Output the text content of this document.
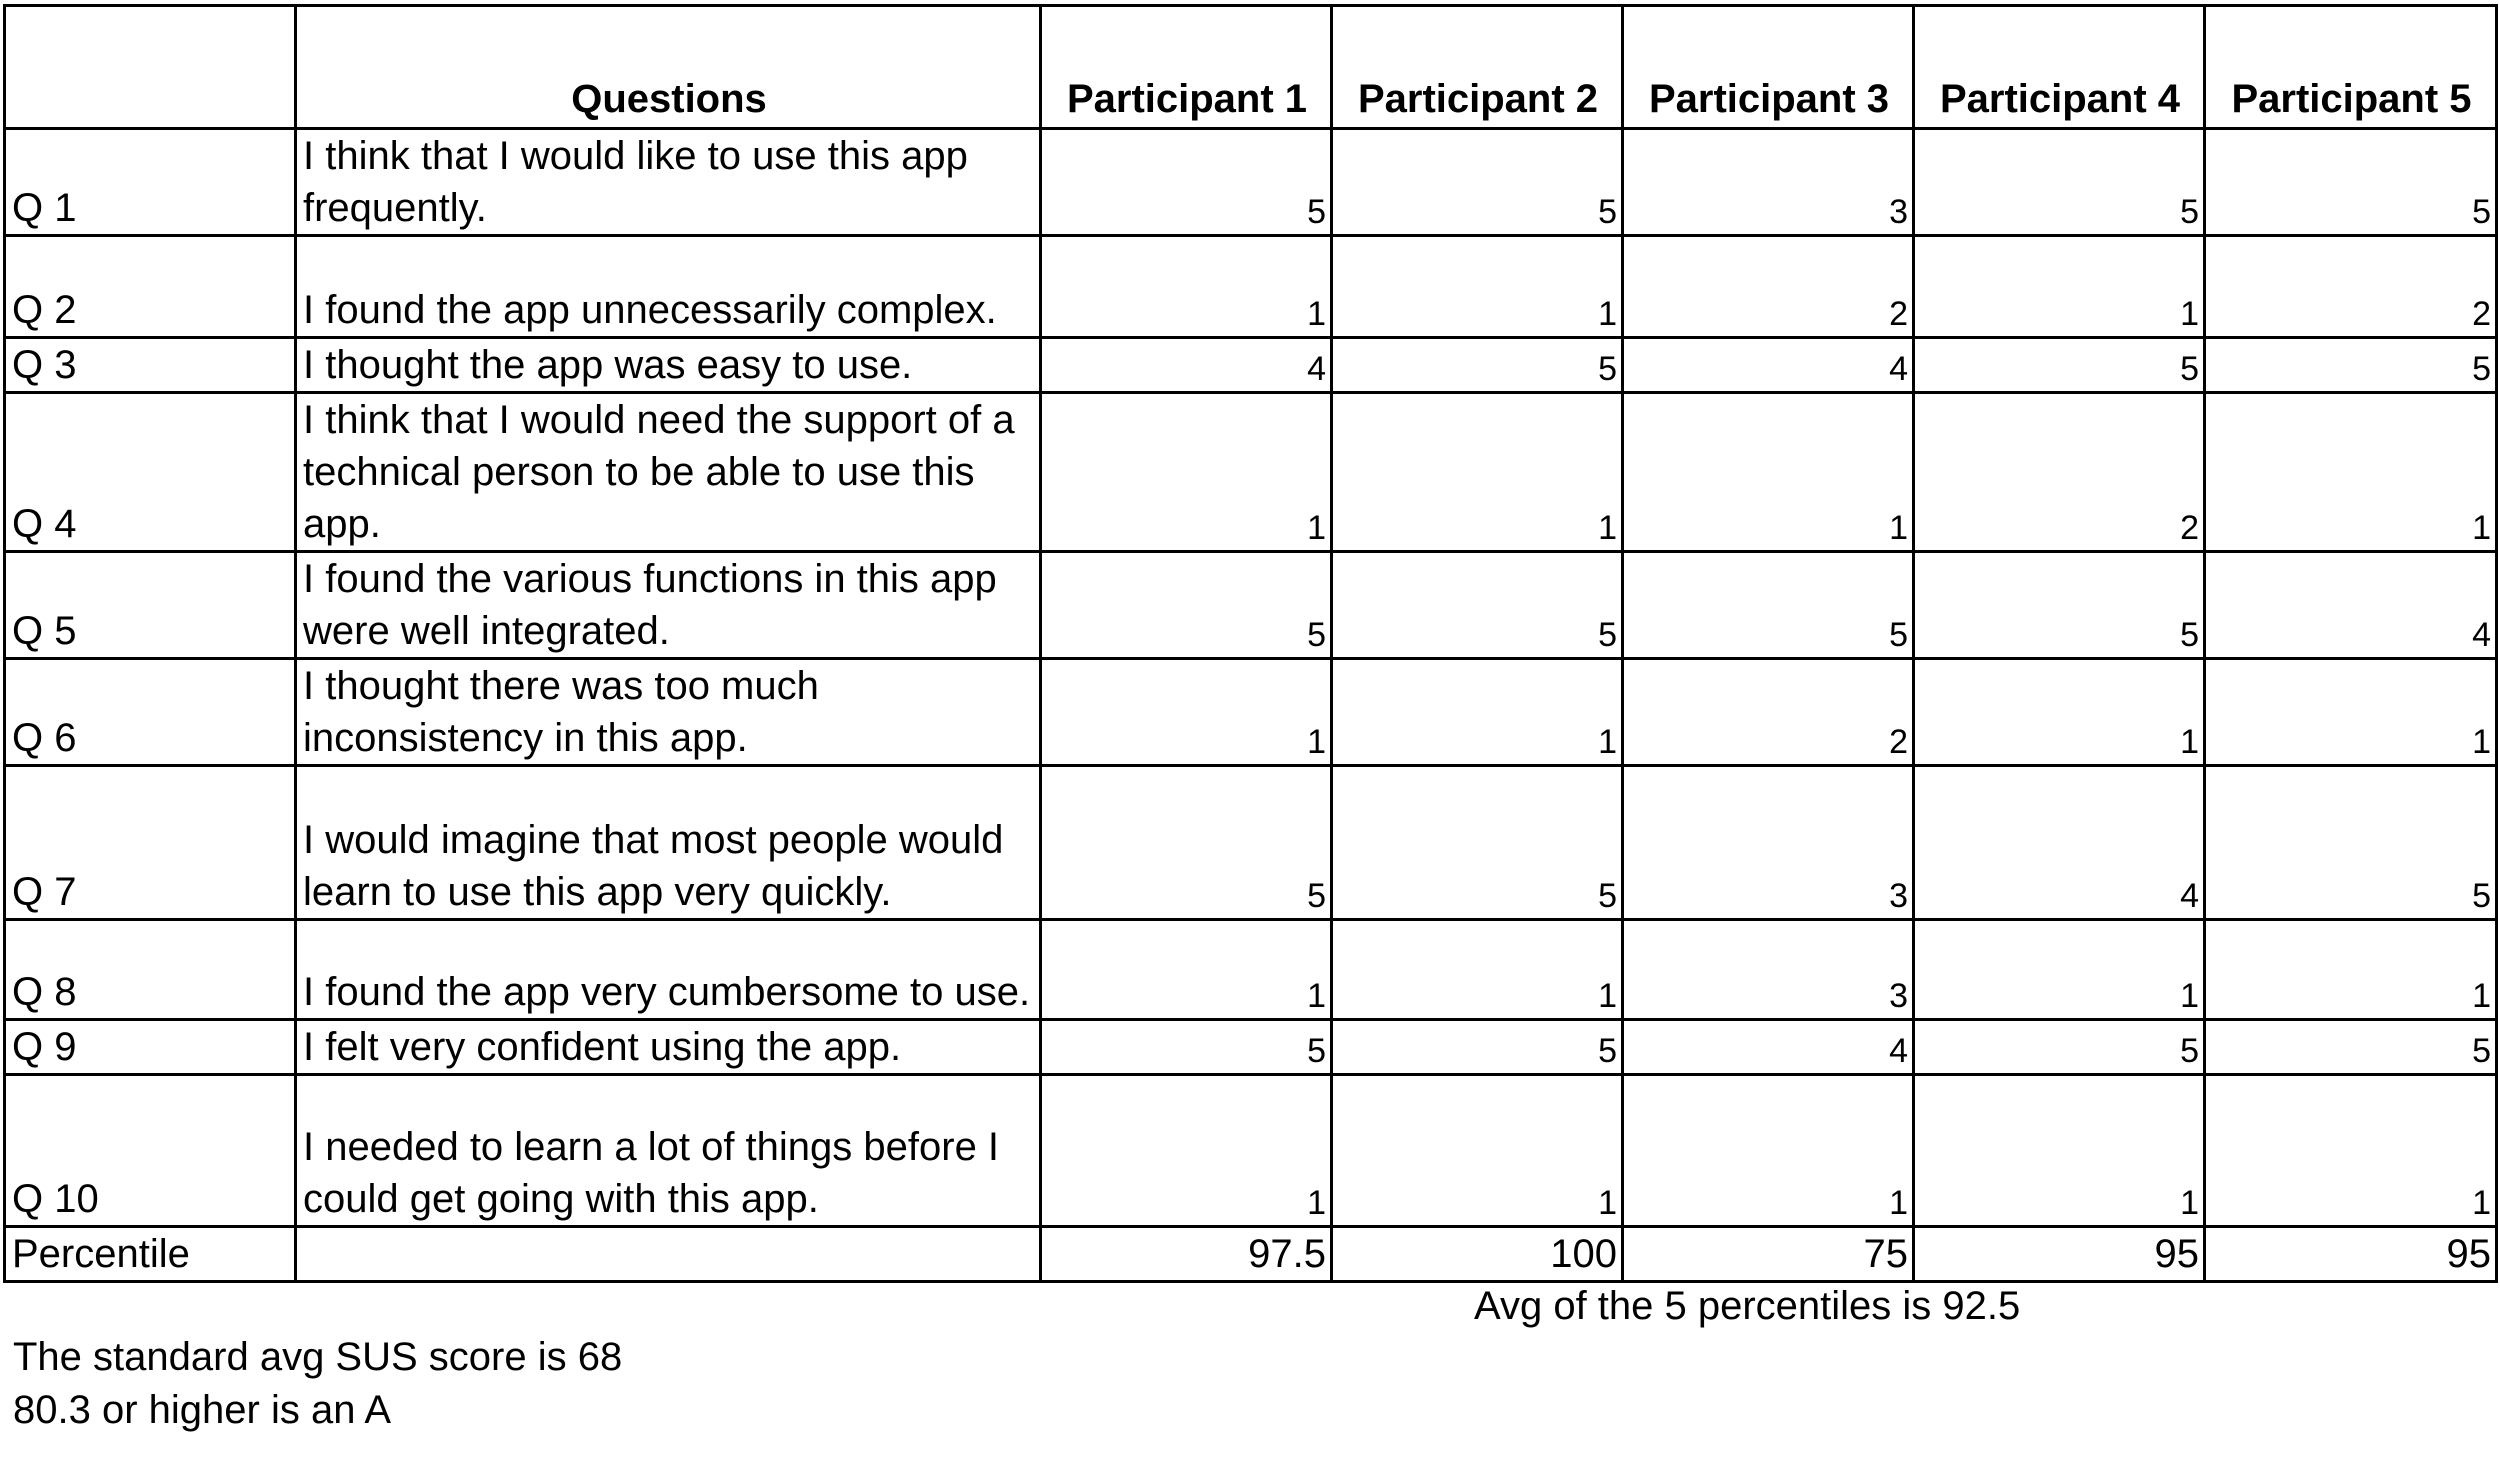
	Questions	Participant 1	Participant 2	Participant 3	Participant 4	Participant 5
Q 1	I think that I would like to use this app frequently.	5	5	3	5	5
Q 2	I found the app unnecessarily complex.	1	1	2	1	2
Q 3	I thought the app was easy to use.	4	5	4	5	5
Q 4	I think that I would need the support of a technical person to be able to use this app.	1	1	1	2	1
Q 5	I found the various functions in this app were well integrated.	5	5	5	5	4
Q 6	I thought there was too much inconsistency in this app.	1	1	2	1	1
Q 7	I would imagine that most people would learn to use this app very quickly.	5	5	3	4	5
Q 8	I found the app very cumbersome to use.	1	1	3	1	1
Q 9	I felt very confident using the app.	5	5	4	5	5
Q 10	I needed to learn a lot of things before I could get going with this app.	1	1	1	1	1
Percentile		97.5	100	75	95	95
Avg of the 5 percentiles is 92.5
The standard avg SUS score is 68
80.3 or higher is an A
